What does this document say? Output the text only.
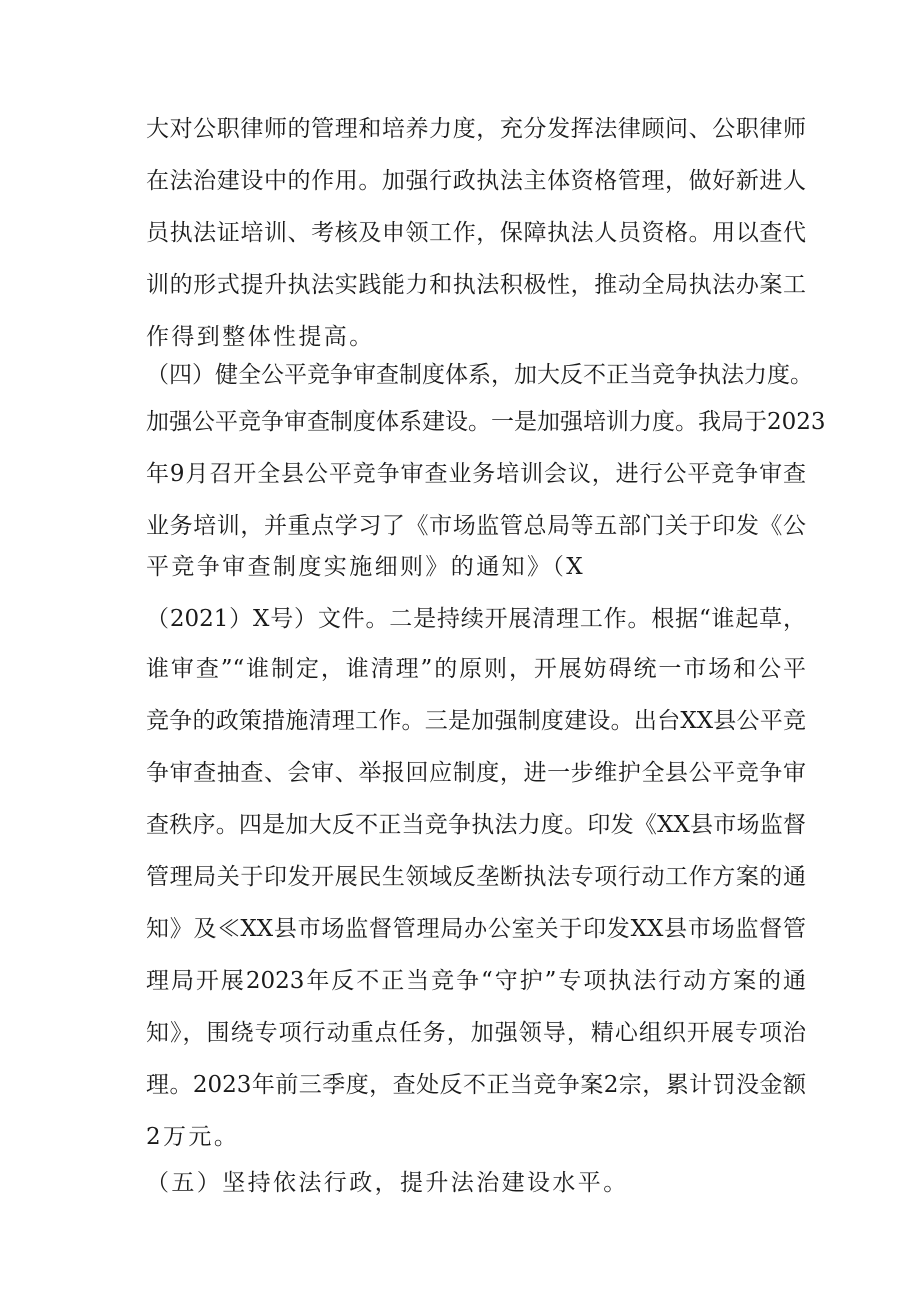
大对公职律师的管理和培养力度，充分发挥法律顾问、公职律师
在法治建设中的作用。加强行政执法主体资格管理，做好新进人
员执法证培训、考核及申领工作，保障执法人员资格。用以查代
训的形式提升执法实践能力和执法积极性，推动全局执法办案工
作得到整体性提高。
（四）健全公平竞争审查制度体系，加大反不正当竞争执法力度。
加强公平竞争审查制度体系建设。一是加强培训力度。我局于2023
年9月召开全县公平竞争审查业务培训会议，进行公平竞争审查
业务培训，并重点学习了《市场监管总局等五部门关于印发《公
平竞争审查制度实施细则》的通知》（X
（2021）X号）文件。二是持续开展清理工作。根据“谁起草，
谁审查”“谁制定，谁清理”的原则，开展妨碍统一市场和公平
竞争的政策措施清理工作。三是加强制度建设。出台XX县公平竞
争审查抽查、会审、举报回应制度，进一步维护全县公平竞争审
查秩序。四是加大反不正当竞争执法力度。印发《XX县市场监督
管理局关于印发开展民生领域反垄断执法专项行动工作方案的通
知》及≪XX县市场监督管理局办公室关于印发XX县市场监督管
理局开展2023年反不正当竞争“守护”专项执法行动方案的通
知》，围绕专项行动重点任务，加强领导，精心组织开展专项治
理。2023年前三季度，查处反不正当竞争案2宗，累计罚没金额
2万元。
（五）坚持依法行政，提升法治建设水平。
